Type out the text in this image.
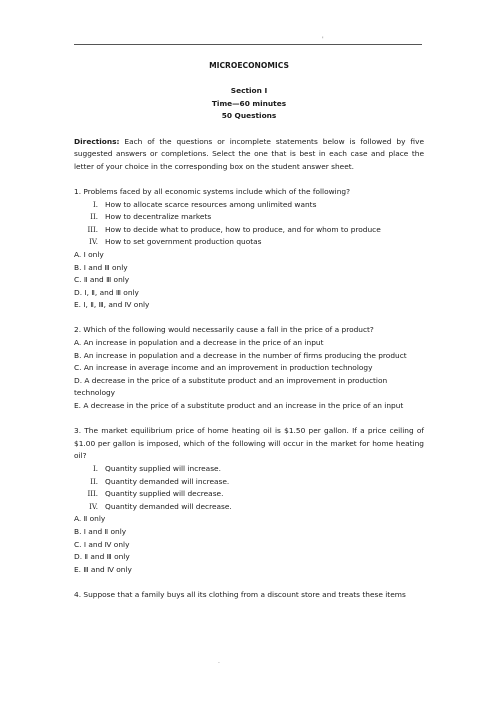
'
MICROECONOMICS
Section I
Time—60 minutes
50 Questions
Directions: Each of the questions or incomplete statements below is followed by five suggested answers or completions. Select the one that is best in each case and place the letter of your choice in the corresponding box on the student answer sheet.
1. Problems faced by all economic systems include which of the following?
I. How to allocate scarce resources among unlimited wants
II. How to decentralize markets
III. How to decide what to produce, how to produce, and for whom to produce
IV. How to set government production quotas
A. Ⅰ only
B. Ⅰ and Ⅲ only
C. Ⅱ and Ⅲ only
D. Ⅰ, Ⅱ, and Ⅲ only
E. Ⅰ, Ⅱ, Ⅲ, and Ⅳ only
2. Which of the following would necessarily cause a fall in the price of a product?
A. An increase in population and a decrease in the price of an input
B. An increase in population and a decrease in the number of firms producing the product
C. An increase in average income and an improvement in production technology
D. A decrease in the price of a substitute product and an improvement in production technology
E. A decrease in the price of a substitute product and an increase in the price of an input
3. The market equilibrium price of home heating oil is $1.50 per gallon. If a price ceiling of $1.00 per gallon is imposed, which of the following will occur in the market for home heating oil?
I. Quantity supplied will increase.
II. Quantity demanded will increase.
III. Quantity supplied will decrease.
IV. Quantity demanded will decrease.
A. Ⅱ only
B. Ⅰ and Ⅱ only
C. Ⅰ and Ⅳ only
D. Ⅱ and Ⅲ only
E. Ⅲ and Ⅳ only
4. Suppose that a family buys all its clothing from a discount store and treats these items
.
